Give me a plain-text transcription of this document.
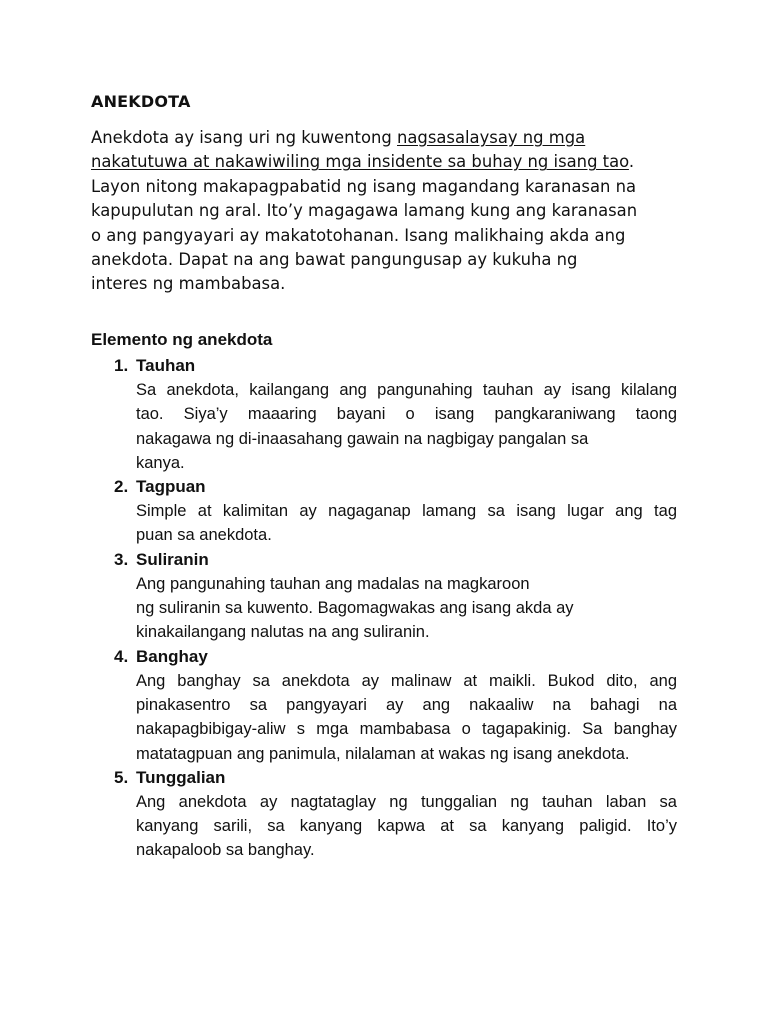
ANEKDOTA

Anekdota ay isang uri ng kuwentong nagsasalaysay ng mga
nakatutuwa at nakawiwiling mga insidente sa buhay ng isang tao.
Layon nitong makapagpabatid ng isang magandang karanasan na
kapupulutan ng aral. Ito’y magagawa lamang kung ang karanasan
o ang pangyayari ay makatotohanan. Isang malikhaing akda ang
anekdota. Dapat na ang bawat pangungusap ay kukuha ng
interes ng mambabasa.

Elemento ng anekdota
1. Tauhan
Sa anekdota, kailangang ang pangunahing tauhan ay isang kilalang
tao. Siya’y maaaring bayani o isang pangkaraniwang taong
nakagawa ng di-inaasahang gawain na nagbigay pangalan sa
kanya.
2. Tagpuan
Simple at kalimitan ay nagaganap lamang sa isang lugar ang tag
puan sa anekdota.
3. Suliranin
Ang pangunahing tauhan ang madalas na magkaroon
ng suliranin sa kuwento. Bagomagwakas ang isang akda ay
kinakailangang nalutas na ang suliranin.
4. Banghay
Ang banghay sa anekdota ay malinaw at maikli. Bukod dito, ang
pinakasentro sa pangyayari ay ang nakaaliw na bahagi na
nakapagbibigay-aliw s mga mambabasa o tagapakinig. Sa banghay
matatagpuan ang panimula, nilalaman at wakas ng isang anekdota.
5. Tunggalian
Ang anekdota ay nagtataglay ng tunggalian ng tauhan laban sa
kanyang sarili, sa kanyang kapwa at sa kanyang paligid. Ito’y
nakapaloob sa banghay.
